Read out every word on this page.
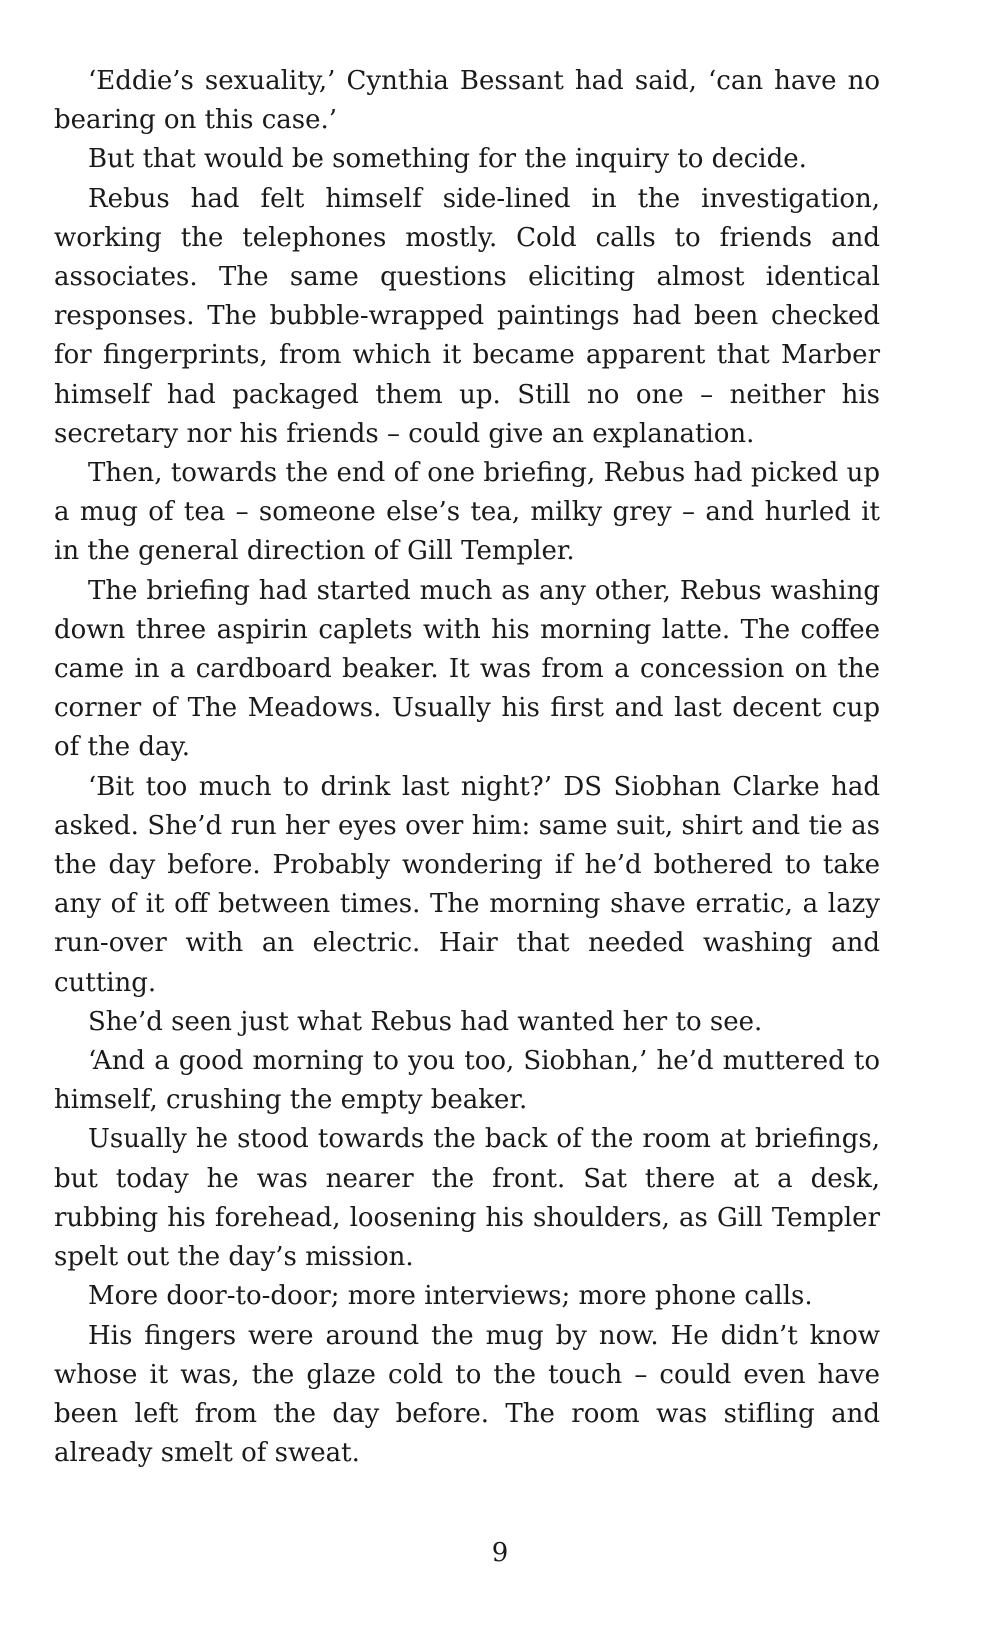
‘Eddie’s sexuality,’ Cynthia Bessant had said, ‘can have no bearing on this case.’

But that would be something for the inquiry to decide.

Rebus had felt himself side-lined in the investigation, working the telephones mostly. Cold calls to friends and associates. The same questions eliciting almost identical responses. The bubble-wrapped paintings had been checked for fingerprints, from which it became apparent that Marber himself had packaged them up. Still no one – neither his secretary nor his friends – could give an explanation.

Then, towards the end of one briefing, Rebus had picked up a mug of tea – someone else’s tea, milky grey – and hurled it in the general direction of Gill Templer.

The briefing had started much as any other, Rebus washing down three aspirin caplets with his morning latte. The coffee came in a cardboard beaker. It was from a concession on the corner of The Meadows. Usually his first and last decent cup of the day.

‘Bit too much to drink last night?’ DS Siobhan Clarke had asked. She’d run her eyes over him: same suit, shirt and tie as the day before. Probably wondering if he’d bothered to take any of it off between times. The morning shave erratic, a lazy run-over with an electric. Hair that needed washing and cutting.

She’d seen just what Rebus had wanted her to see.

‘And a good morning to you too, Siobhan,’ he’d muttered to himself, crushing the empty beaker.

Usually he stood towards the back of the room at briefings, but today he was nearer the front. Sat there at a desk, rubbing his forehead, loosening his shoulders, as Gill Templer spelt out the day’s mission.

More door-to-door; more interviews; more phone calls.

His fingers were around the mug by now. He didn’t know whose it was, the glaze cold to the touch – could even have been left from the day before. The room was stifling and already smelt of sweat.

9
